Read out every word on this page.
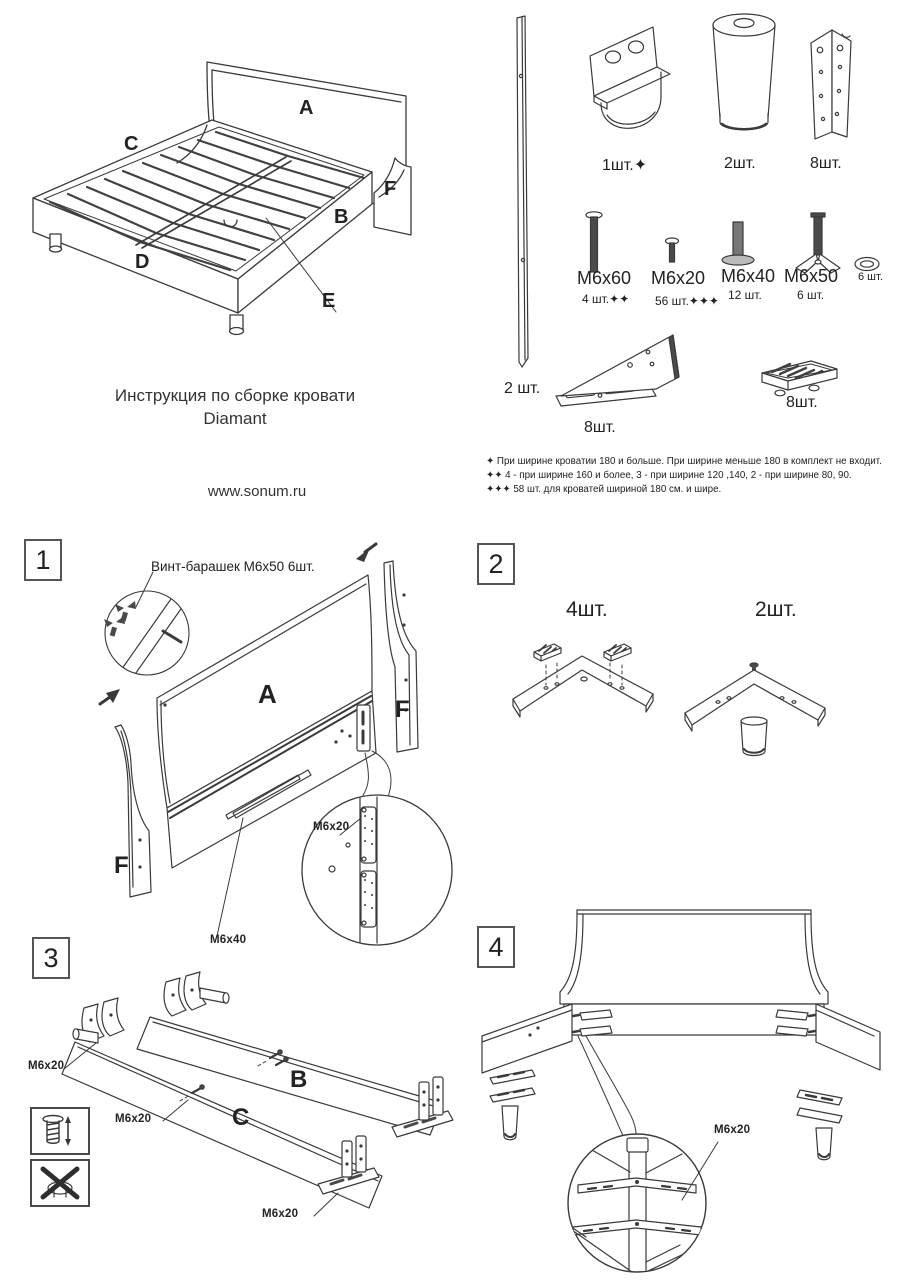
A
C
F
B
D
E
Инструкция по сборке кровати
Diamant
www.sonum.ru
1шт.✦	2шт.	8шт.
M6x60
4 шт.✦✦
M6x20
56 шт.✦✦✦
M6x40
12 шт.
M6x50
6 шт.
6 шт.
2 шт.
8шт.
8шт.
✦ При ширине кроватии 180 и больше. При ширине меньше 180 в комплект не входит.
✦✦ 4 - при ширине 160 и более, 3 - при ширине 120 ,140, 2 - при ширине 80, 90.
✦✦✦ 58 шт. для кроватей шириной 180 см. и шире.
1	Винт-барашек М6х50 6шт.
A
F
F
M6x20
M6x40
2
4шт.	2шт.
3
B
C
M6x20
M6x20
M6x20
4
M6x20
